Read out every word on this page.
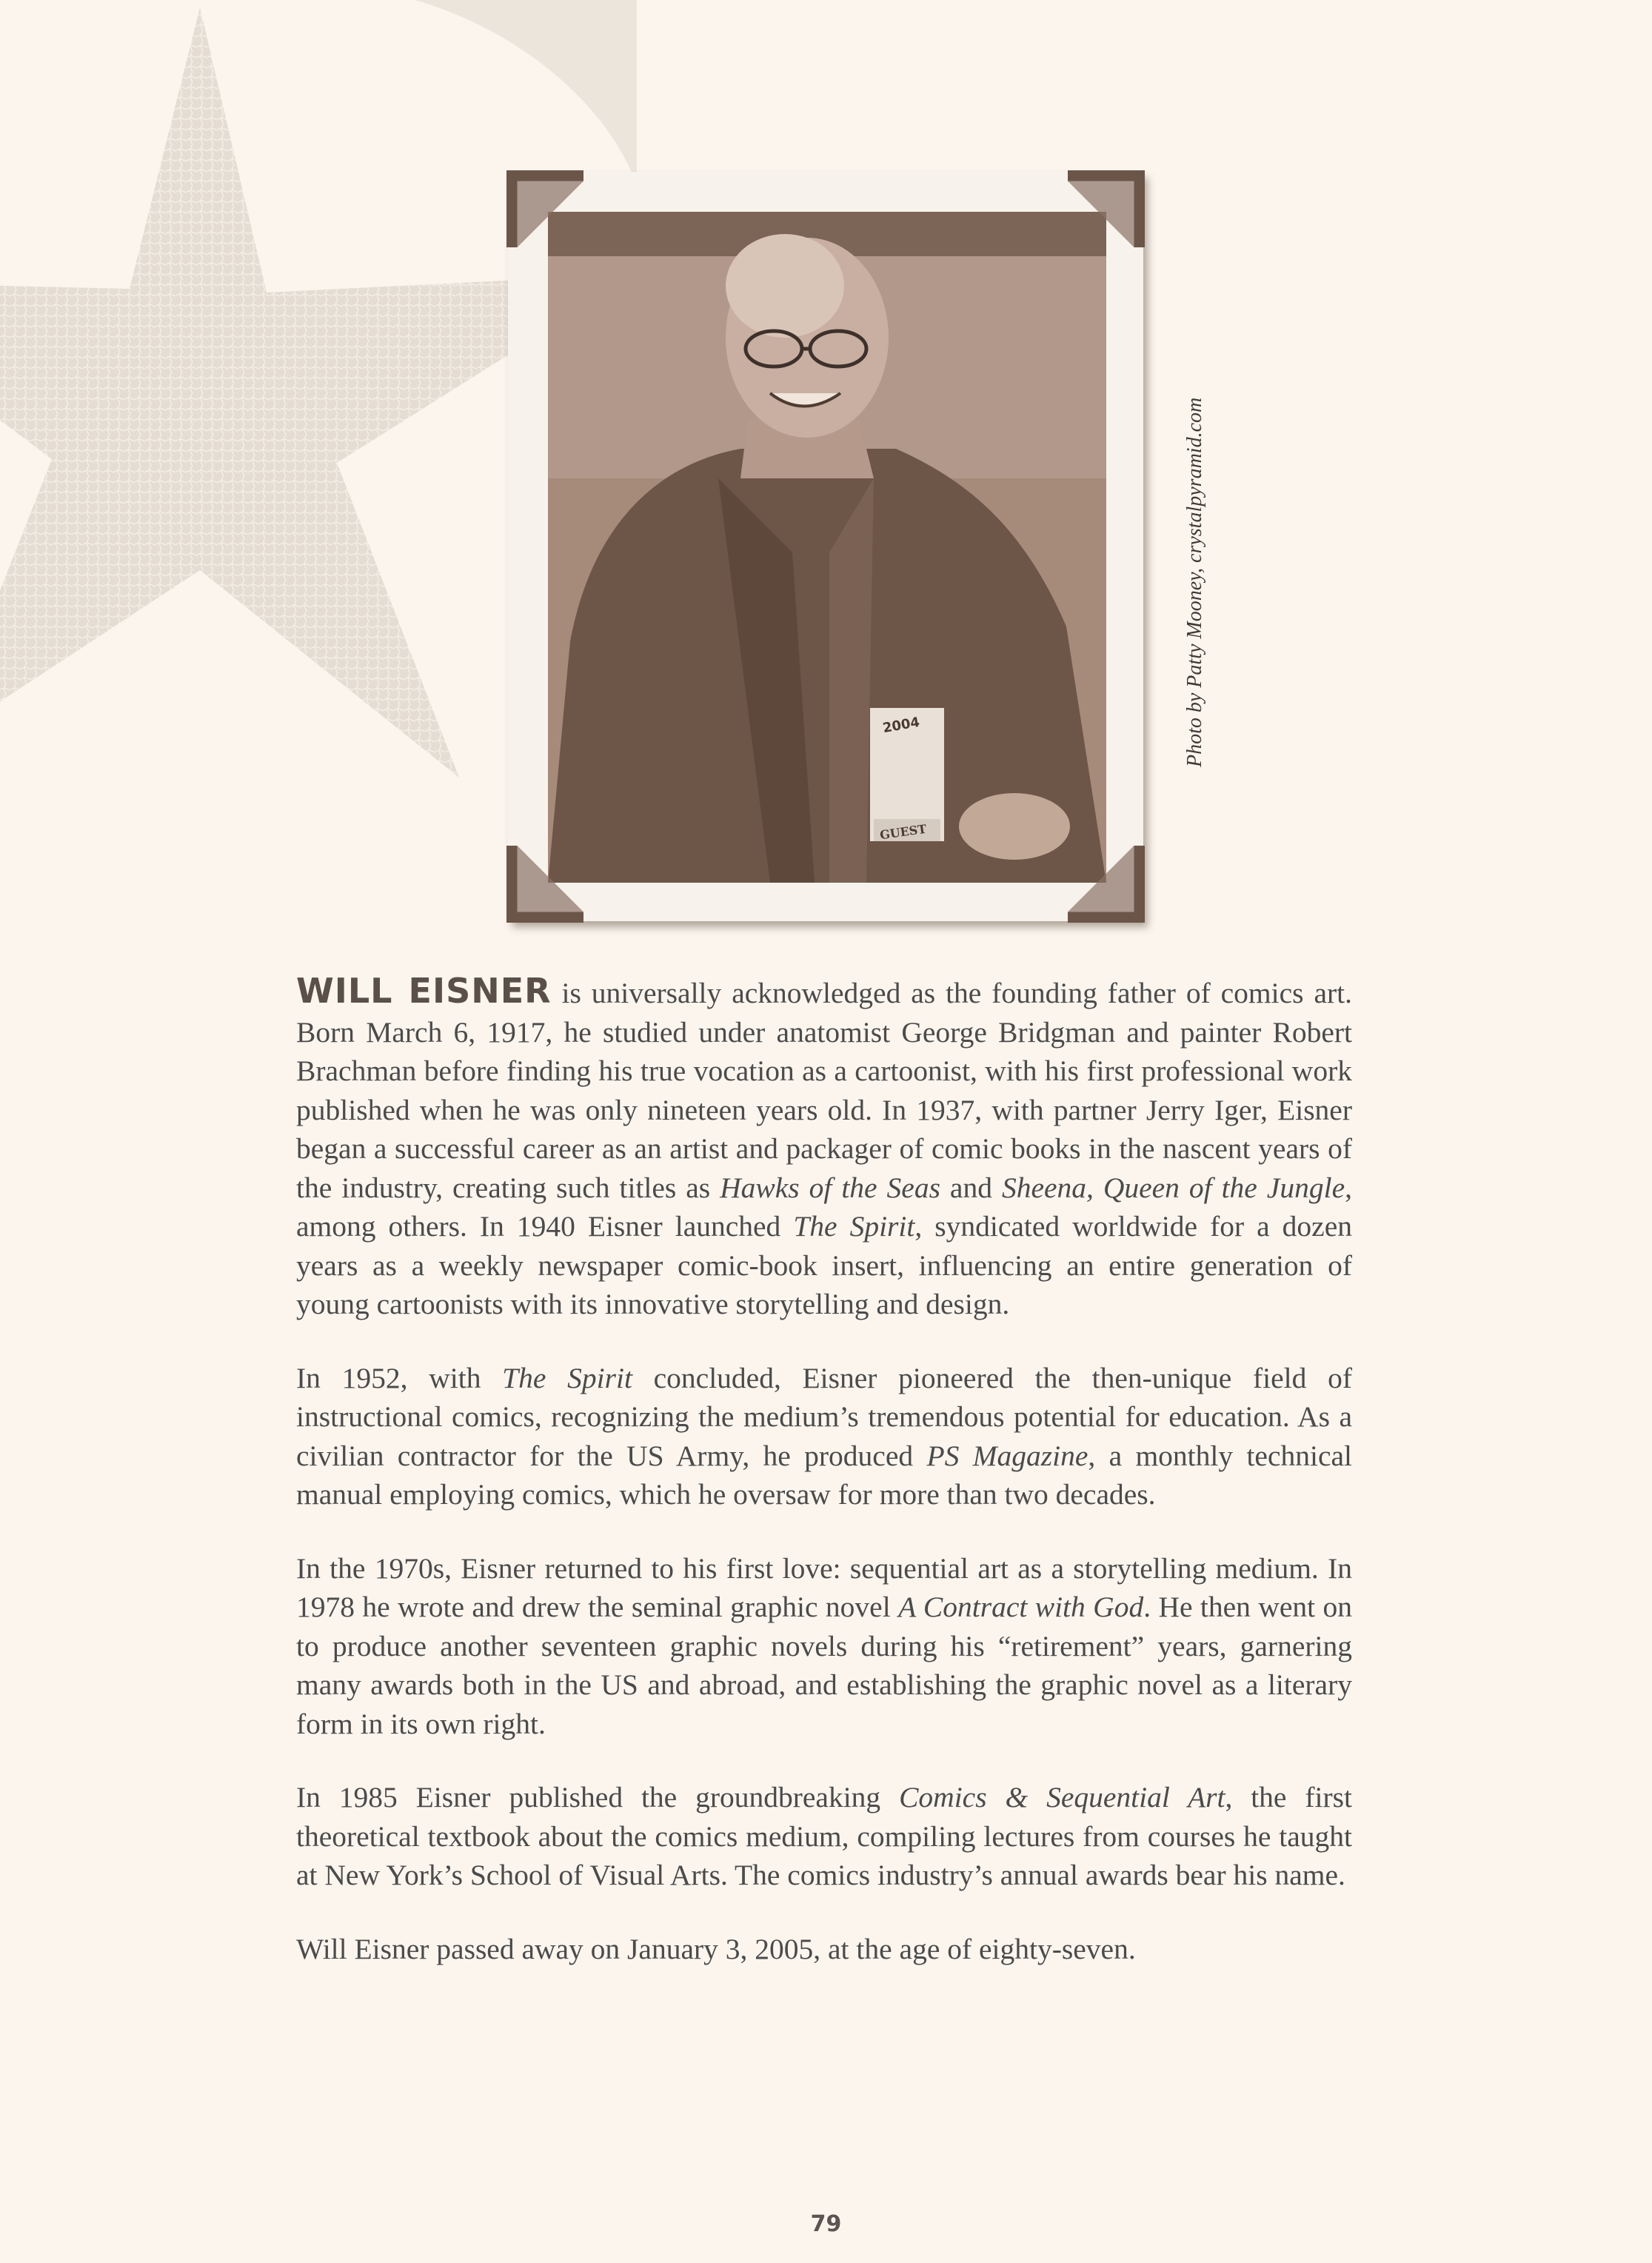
2004
GUEST
Photo by Patty Mooney, crystalpyramid.com

WILL EISNER is universally acknowledged as the founding father of comics art. Born March 6, 1917, he studied under anatomist George Bridgman and painter Robert Brachman before finding his true vocation as a cartoonist, with his first professional work published when he was only nineteen years old. In 1937, with partner Jerry Iger, Eisner began a successful career as an artist and packager of comic books in the nascent years of the industry, creating such titles as Hawks of the Seas and Sheena, Queen of the Jungle, among others. In 1940 Eisner launched The Spirit, syndicated worldwide for a dozen years as a weekly newspaper comic-book insert, influencing an entire generation of young cartoonists with its innovative storytelling and design.

In 1952, with The Spirit concluded, Eisner pioneered the then-unique field of instructional comics, recognizing the medium’s tremendous potential for education. As a civilian contractor for the US Army, he produced PS Magazine, a monthly technical manual employing comics, which he oversaw for more than two decades.

In the 1970s, Eisner returned to his first love: sequential art as a storytelling medium. In 1978 he wrote and drew the seminal graphic novel A Contract with God. He then went on to produce another seventeen graphic novels during his “retirement” years, garnering many awards both in the US and abroad, and establishing the graphic novel as a literary form in its own right.

In 1985 Eisner published the groundbreaking Comics & Sequential Art, the first theoretical textbook about the comics medium, compiling lectures from courses he taught at New York’s School of Visual Arts. The comics industry’s annual awards bear his name.

Will Eisner passed away on January 3, 2005, at the age of eighty-seven.

79
